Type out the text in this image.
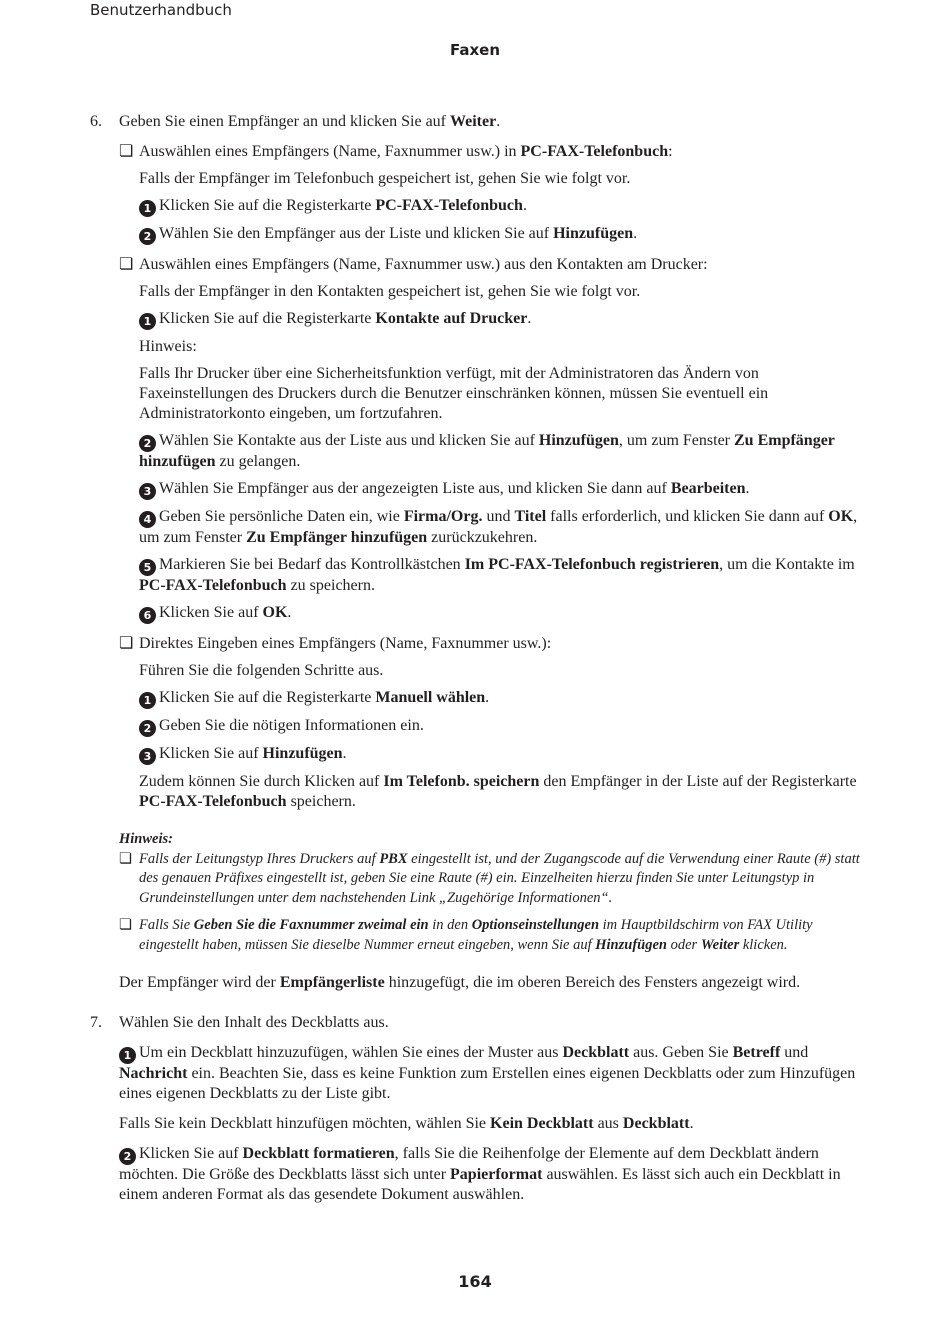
Benutzerhandbuch
Faxen
6. Geben Sie einen Empfänger an und klicken Sie auf Weiter.

❏ Auswählen eines Empfängers (Name, Faxnummer usw.) in PC-FAX-Telefonbuch:

Falls der Empfänger im Telefonbuch gespeichert ist, gehen Sie wie folgt vor.

1 Klicken Sie auf die Registerkarte PC-FAX-Telefonbuch.

2 Wählen Sie den Empfänger aus der Liste und klicken Sie auf Hinzufügen.

❏ Auswählen eines Empfängers (Name, Faxnummer usw.) aus den Kontakten am Drucker:

Falls der Empfänger in den Kontakten gespeichert ist, gehen Sie wie folgt vor.

1 Klicken Sie auf die Registerkarte Kontakte auf Drucker.

Hinweis:

Falls Ihr Drucker über eine Sicherheitsfunktion verfügt, mit der Administratoren das Ändern von Faxeinstellungen des Druckers durch die Benutzer einschränken können, müssen Sie eventuell ein Administratorkonto eingeben, um fortzufahren.

2 Wählen Sie Kontakte aus der Liste aus und klicken Sie auf Hinzufügen, um zum Fenster Zu Empfänger hinzufügen zu gelangen.

3 Wählen Sie Empfänger aus der angezeigten Liste aus, und klicken Sie dann auf Bearbeiten.

4 Geben Sie persönliche Daten ein, wie Firma/Org. und Titel falls erforderlich, und klicken Sie dann auf OK, um zum Fenster Zu Empfänger hinzufügen zurückzukehren.

5 Markieren Sie bei Bedarf das Kontrollkästchen Im PC-FAX-Telefonbuch registrieren, um die Kontakte im PC-FAX-Telefonbuch zu speichern.

6 Klicken Sie auf OK.

❏ Direktes Eingeben eines Empfängers (Name, Faxnummer usw.):

Führen Sie die folgenden Schritte aus.

1 Klicken Sie auf die Registerkarte Manuell wählen.

2 Geben Sie die nötigen Informationen ein.

3 Klicken Sie auf Hinzufügen.

Zudem können Sie durch Klicken auf Im Telefonb. speichern den Empfänger in der Liste auf der Registerkarte PC-FAX-Telefonbuch speichern.

Hinweis:

❏ Falls der Leitungstyp Ihres Druckers auf PBX eingestellt ist, und der Zugangscode auf die Verwendung einer Raute (#) statt des genauen Präfixes eingestellt ist, geben Sie eine Raute (#) ein. Einzelheiten hierzu finden Sie unter Leitungstyp in Grundeinstellungen unter dem nachstehenden Link „Zugehörige Informationen“.

❏ Falls Sie Geben Sie die Faxnummer zweimal ein in den Optionseinstellungen im Hauptbildschirm von FAX Utility eingestellt haben, müssen Sie dieselbe Nummer erneut eingeben, wenn Sie auf Hinzufügen oder Weiter klicken.

Der Empfänger wird der Empfängerliste hinzugefügt, die im oberen Bereich des Fensters angezeigt wird.

7. Wählen Sie den Inhalt des Deckblatts aus.

1 Um ein Deckblatt hinzuzufügen, wählen Sie eines der Muster aus Deckblatt aus. Geben Sie Betreff und Nachricht ein. Beachten Sie, dass es keine Funktion zum Erstellen eines eigenen Deckblatts oder zum Hinzufügen eines eigenen Deckblatts zu der Liste gibt.

Falls Sie kein Deckblatt hinzufügen möchten, wählen Sie Kein Deckblatt aus Deckblatt.

2 Klicken Sie auf Deckblatt formatieren, falls Sie die Reihenfolge der Elemente auf dem Deckblatt ändern möchten. Die Größe des Deckblatts lässt sich unter Papierformat auswählen. Es lässt sich auch ein Deckblatt in einem anderen Format als das gesendete Dokument auswählen.

164
